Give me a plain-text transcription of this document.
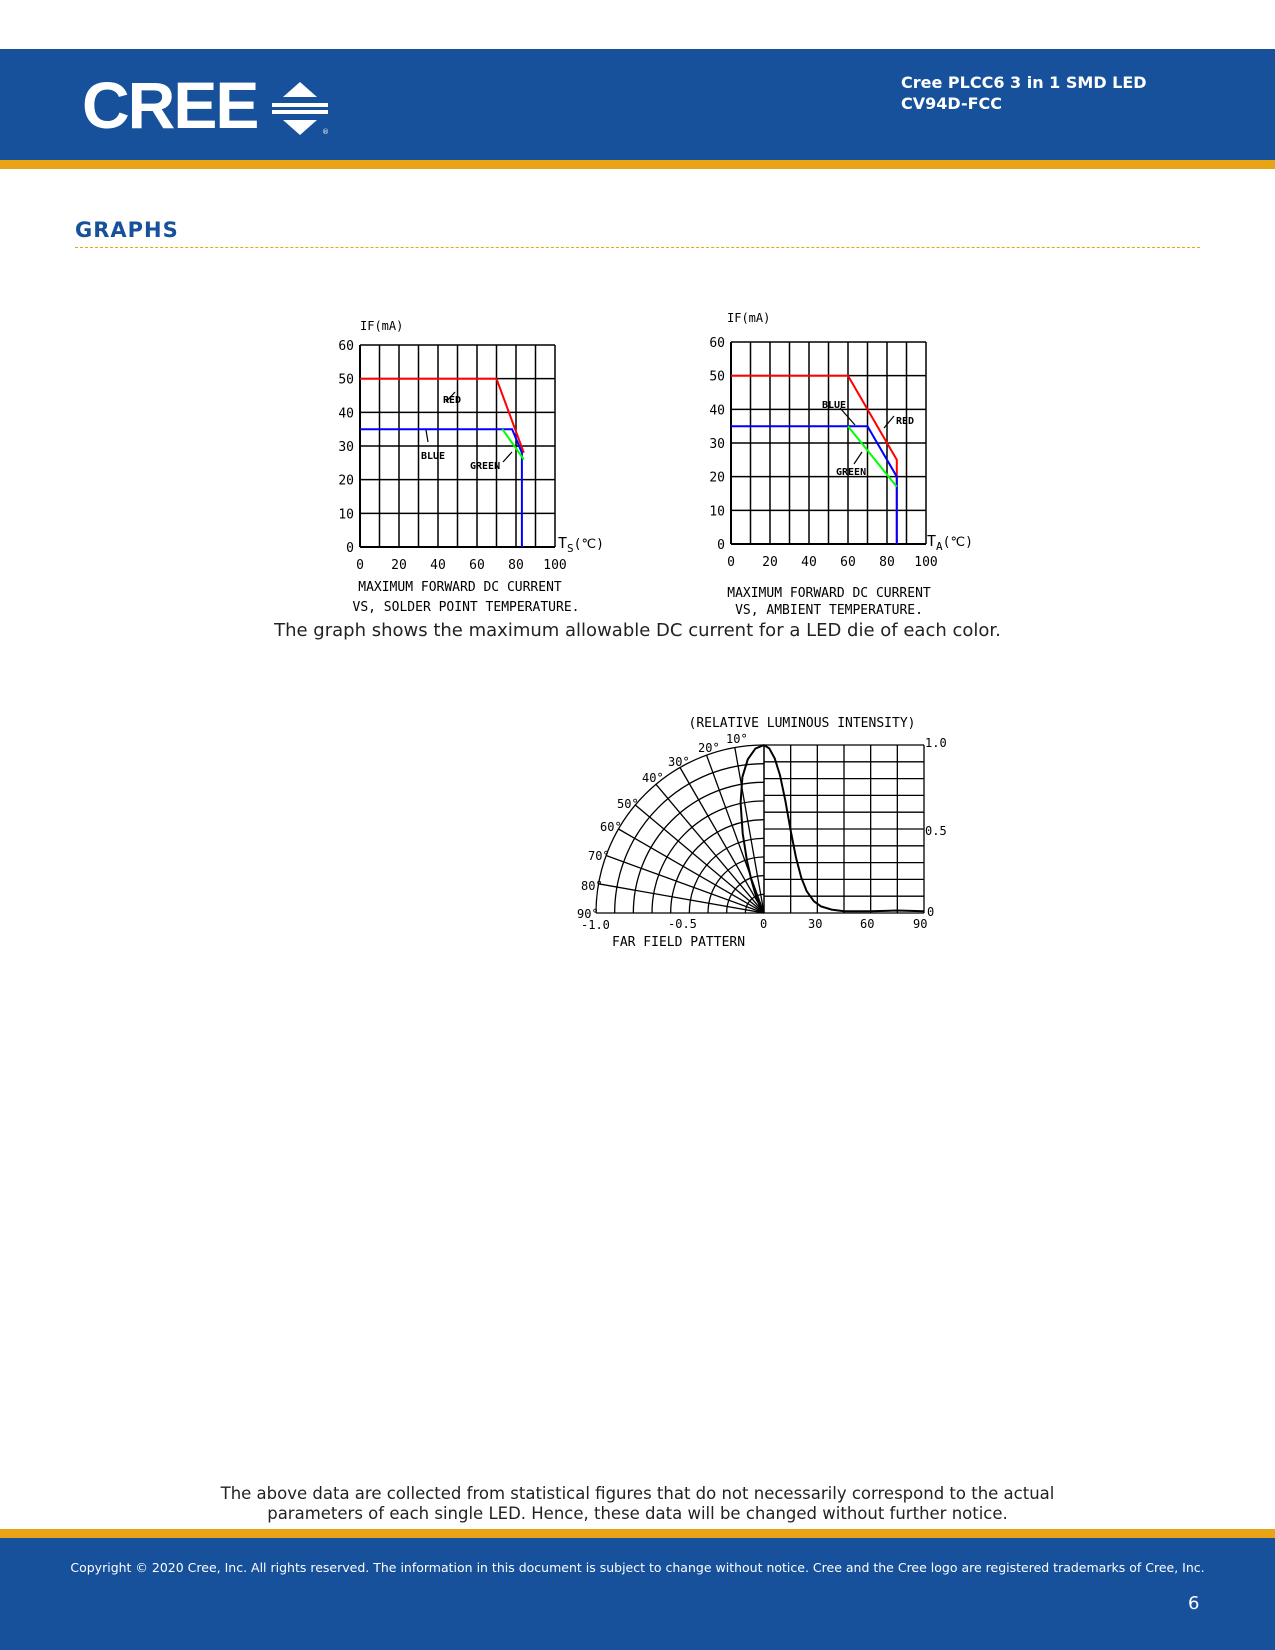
CREE	®
Cree PLCC6 3 in 1 SMD LED
CV94D-FCC
GRAPHS
IF(mA)
0
10
20
30
40
50
60
0 20 40 60 80 100
$T_S(℃)$
RED
BLUE
GREEN
MAXIMUM FORWARD DC CURRENT
VS, SOLDER POINT TEMPERATURE.
IF(mA)
0
10
20
30
40
50
60
0 20 40 60 80 100
$T_A(℃)$
BLUE
RED
GREEN
MAXIMUM FORWARD DC CURRENT
VS, AMBIENT TEMPERATURE.
The graph shows the maximum allowable DC current for a LED die of each color.
(RELATIVE LUMINOUS INTENSITY)
FAR FIELD PATTERN
10°
20°
30°
40°
50°
60°
70°
80°
90°
-1.0	-0.5	0	30	60	90
1.0
0.5
0
The above data are collected from statistical figures that do not necessarily correspond to the actual
parameters of each single LED. Hence, these data will be changed without further notice.
Copyright © 2020 Cree, Inc. All rights reserved. The information in this document is subject to change without notice. Cree and the Cree logo are registered trademarks of Cree, Inc.
6
